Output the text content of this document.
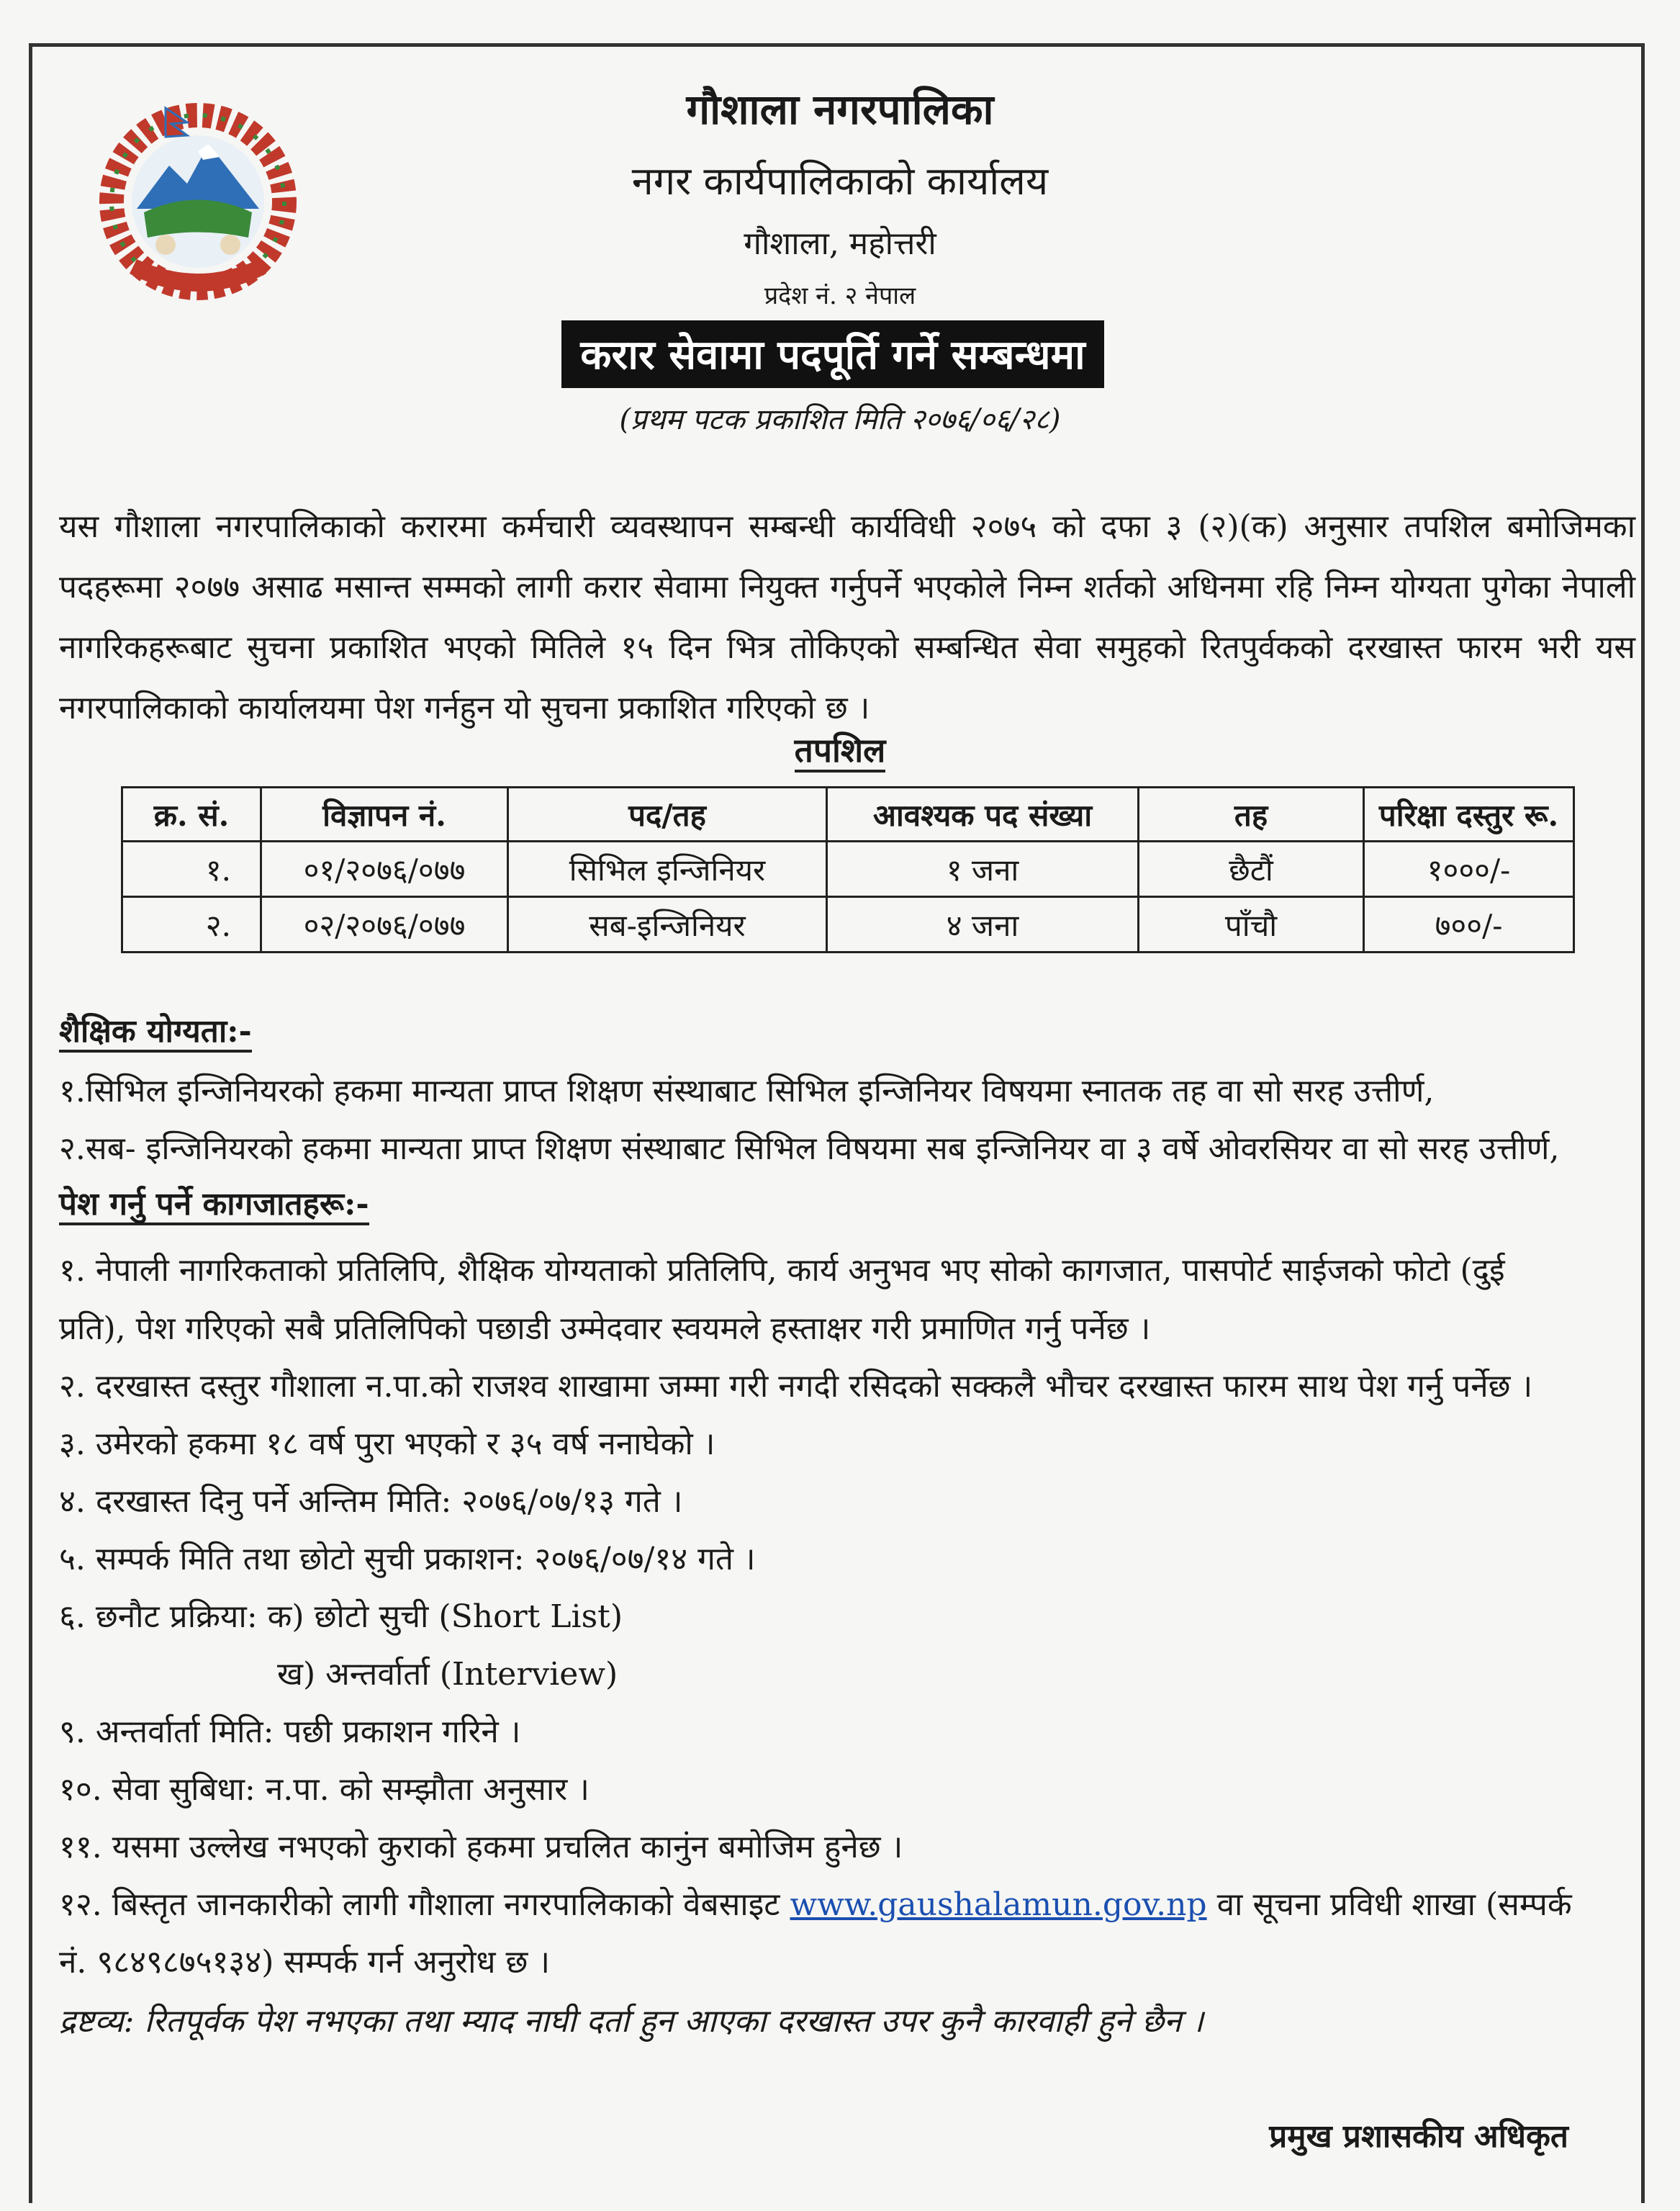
गौशाला नगरपालिका
नगर कार्यपालिकाको कार्यालय
गौशाला, महोत्तरी
प्रदेश नं. २ नेपाल
करार सेवामा पदपूर्ति गर्ने सम्बन्धमा
(प्रथम पटक प्रकाशित मिति २०७६/०६/२८)
यस गौशाला नगरपालिकाको करारमा कर्मचारी व्यवस्थापन सम्बन्धी कार्यविधी २०७५ को दफा ३ (२)(क) अनुसार तपशिल बमोजिमका पदहरूमा २०७७ असाढ मसान्त सम्मको लागी करार सेवामा नियुक्त गर्नुपर्ने भएकोले निम्न शर्तको अधिनमा रहि निम्न योग्यता पुगेका नेपाली नागरिकहरूबाट सुचना प्रकाशित भएको मितिले १५ दिन भित्र तोकिएको सम्बन्धित सेवा समुहको रितपुर्वकको दरखास्त फारम भरी यस नगरपालिकाको कार्यालयमा पेश गर्नहुन यो सुचना प्रकाशित गरिएको छ ।
तपशिल
क्र. सं.	विज्ञापन नं.	पद/तह	आवश्यक पद संख्या	तह	परिक्षा दस्तुर रू.
१.	०१/२०७६/०७७	सिभिल इन्जिनियर	१ जना	छैटौं	१०००/-
२.	०२/२०७६/०७७	सब-इन्जिनियर	४ जना	पाँचौ	७००/-
शैक्षिक योग्यता:-
१.सिभिल इन्जिनियरको हकमा मान्यता प्राप्त शिक्षण संस्थाबाट सिभिल इन्जिनियर विषयमा स्नातक तह वा सो सरह उत्तीर्ण,
२.सब- इन्जिनियरको हकमा मान्यता प्राप्त शिक्षण संस्थाबाट सिभिल विषयमा सब इन्जिनियर वा ३ वर्षे ओवरसियर वा सो सरह उत्तीर्ण,
पेश गर्नु पर्ने कागजातहरू:-
१. नेपाली नागरिकताको प्रतिलिपि, शैक्षिक योग्यताको प्रतिलिपि, कार्य अनुभव भए सोको कागजात, पासपोर्ट साईजको फोटो (दुई
प्रति), पेश गरिएको सबै प्रतिलिपिको पछाडी उम्मेदवार स्वयमले हस्ताक्षर गरी प्रमाणित गर्नु पर्नेछ ।
२. दरखास्त दस्तुर गौशाला न.पा.को राजश्व शाखामा जम्मा गरी नगदी रसिदको सक्कलै भौचर दरखास्त फारम साथ पेश गर्नु पर्नेछ ।
३. उमेरको हकमा १८ वर्ष पुरा भएको र ३५ वर्ष ननाघेको ।
४. दरखास्त दिनु पर्ने अन्तिम मिति: २०७६/०७/१३ गते ।
५. सम्पर्क मिति तथा छोटो सुची प्रकाशन: २०७६/०७/१४ गते ।
६. छनौट प्रक्रिया: क) छोटो सुची (Short List)
ख) अन्तर्वार्ता (Interview)
९. अन्तर्वार्ता मिति: पछी प्रकाशन गरिने ।
१०. सेवा सुबिधा: न.पा. को सम्झौता अनुसार ।
११. यसमा उल्लेख नभएको कुराको हकमा प्रचलित कानुंन बमोजिम हुनेछ ।
१२. बिस्तृत जानकारीको लागी गौशाला नगरपालिकाको वेबसाइट www.gaushalamun.gov.np वा सूचना प्रविधी शाखा (सम्पर्क
नं. ९८४९८७५१३४) सम्पर्क गर्न अनुरोध छ ।
द्रष्टव्य: रितपूर्वक पेश नभएका तथा म्याद नाघी दर्ता हुन आएका दरखास्त उपर कुनै कारवाही हुने छैन ।
प्रमुख प्रशासकीय अधिकृत
